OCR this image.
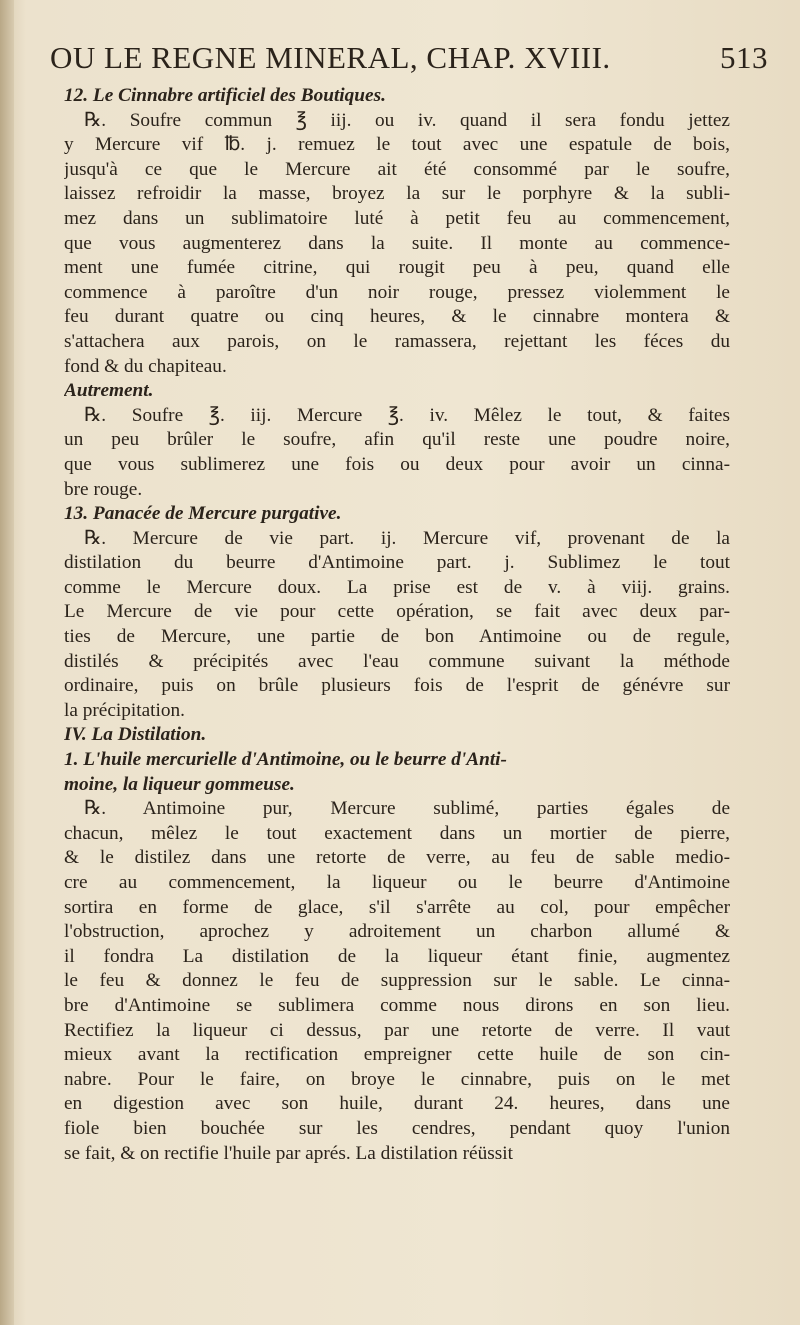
OU LE REGNE MINERAL, CHAP. XVIII.	513
12. Le Cinnabre artificiel des Boutiques.
℞. Soufre commun ℥ iij. ou iv. quand il sera fondu jettez
y Mercure vif ℔. j. remuez le tout avec une espatule de bois,
jusqu'à ce que le Mercure ait été consommé par le soufre,
laissez refroidir la masse, broyez la sur le porphyre & la subli-
mez dans un sublimatoire luté à petit feu au commencement,
que vous augmenterez dans la suite. Il monte au commence-
ment une fumée citrine, qui rougit peu à peu, quand elle
commence à paroître d'un noir rouge, pressez violemment le
feu durant quatre ou cinq heures, & le cinnabre montera &
s'attachera aux parois, on le ramassera, rejettant les féces du
fond & du chapiteau.
Autrement.
℞. Soufre ℥. iij. Mercure ℥. iv. Mêlez le tout, & faites
un peu brûler le soufre, afin qu'il reste une poudre noire,
que vous sublimerez une fois ou deux pour avoir un cinna-
bre rouge.
13. Panacée de Mercure purgative.
℞. Mercure de vie part. ij. Mercure vif, provenant de la
distilation du beurre d'Antimoine part. j. Sublimez le tout
comme le Mercure doux. La prise est de v. à viij. grains.
Le Mercure de vie pour cette opération, se fait avec deux par-
ties de Mercure, une partie de bon Antimoine ou de regule,
distilés & précipités avec l'eau commune suivant la méthode
ordinaire, puis on brûle plusieurs fois de l'esprit de génévre sur
la précipitation.
IV. La Distilation.
1. L'huile mercurielle d'Antimoine, ou le beurre d'Anti-
moine, la liqueur gommeuse.
℞. Antimoine pur, Mercure sublimé, parties égales de
chacun, mêlez le tout exactement dans un mortier de pierre,
& le distilez dans une retorte de verre, au feu de sable medio-
cre au commencement, la liqueur ou le beurre d'Antimoine
sortira en forme de glace, s'il s'arrête au col, pour empêcher
l'obstruction, aprochez y adroitement un charbon allumé &
il fondra La distilation de la liqueur étant finie, augmentez
le feu & donnez le feu de suppression sur le sable. Le cinna-
bre d'Antimoine se sublimera comme nous dirons en son lieu.
Rectifiez la liqueur ci dessus, par une retorte de verre. Il vaut
mieux avant la rectification empreigner cette huile de son cin-
nabre. Pour le faire, on broye le cinnabre, puis on le met
en digestion avec son huile, durant 24. heures, dans une
fiole bien bouchée sur les cendres, pendant quoy l'union
se fait, & on rectifie l'huile par aprés. La distilation réüssit
